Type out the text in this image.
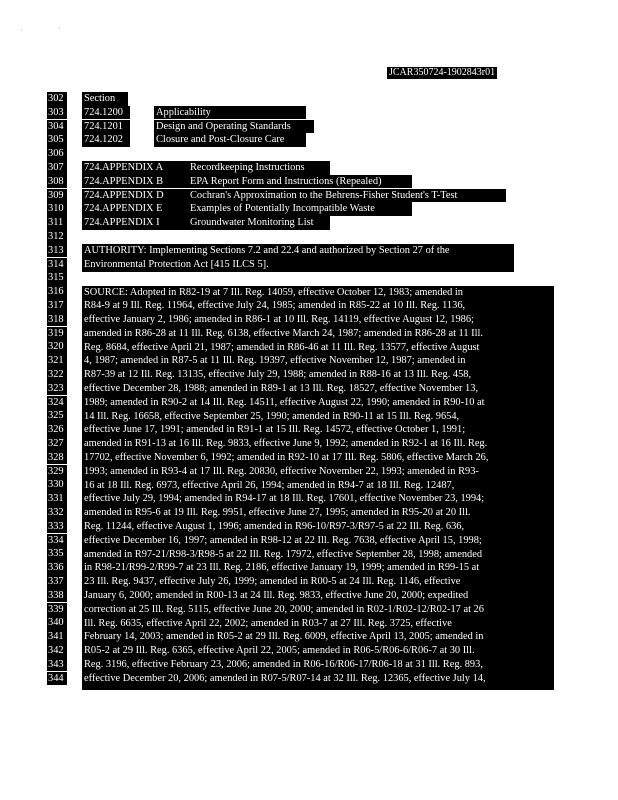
·	·
JCAR350724-1902843r01
302
303
304
305
306
307
308
309
310
311
312
313
314
315
316
317
318
319
320
321
322
323
324
325
326
327
328
329
330
331
332
333
334
335
336
337
338
339
340
341
342
343
344
Section
724.1200	Applicability
724.1201	Design and Operating Standards
724.1202	Closure and Post-Closure Care
724.APPENDIX A	Recordkeeping Instructions
724.APPENDIX B	EPA Report Form and Instructions (Repealed)
724.APPENDIX D	Cochran's Approximation to the Behrens-Fisher Student's T-Test
724.APPENDIX E	Examples of Potentially Incompatible Waste
724.APPENDIX I	Groundwater Monitoring List
AUTHORITY: Implementing Sections 7.2 and 22.4 and authorized by Section 27 of the
Environmental Protection Act [415 ILCS 5].
SOURCE: Adopted in R82-19 at 7 Ill. Reg. 14059, effective October 12, 1983; amended in
R84-9 at 9 Ill. Reg. 11964, effective July 24, 1985; amended in R85-22 at 10 Ill. Reg. 1136,
effective January 2, 1986; amended in R86-1 at 10 Ill. Reg. 14119, effective August 12, 1986;
amended in R86-28 at 11 Ill. Reg. 6138, effective March 24, 1987; amended in R86-28 at 11 Ill.
Reg. 8684, effective April 21, 1987; amended in R86-46 at 11 Ill. Reg. 13577, effective August
4, 1987; amended in R87-5 at 11 Ill. Reg. 19397, effective November 12, 1987; amended in
R87-39 at 12 Ill. Reg. 13135, effective July 29, 1988; amended in R88-16 at 13 Ill. Reg. 458,
effective December 28, 1988; amended in R89-1 at 13 Ill. Reg. 18527, effective November 13,
1989; amended in R90-2 at 14 Ill. Reg. 14511, effective August 22, 1990; amended in R90-10 at
14 Ill. Reg. 16658, effective September 25, 1990; amended in R90-11 at 15 Ill. Reg. 9654,
effective June 17, 1991; amended in R91-1 at 15 Ill. Reg. 14572, effective October 1, 1991;
amended in R91-13 at 16 Ill. Reg. 9833, effective June 9, 1992; amended in R92-1 at 16 Ill. Reg.
17702, effective November 6, 1992; amended in R92-10 at 17 Ill. Reg. 5806, effective March 26,
1993; amended in R93-4 at 17 Ill. Reg. 20830, effective November 22, 1993; amended in R93-
16 at 18 Ill. Reg. 6973, effective April 26, 1994; amended in R94-7 at 18 Ill. Reg. 12487,
effective July 29, 1994; amended in R94-17 at 18 Ill. Reg. 17601, effective November 23, 1994;
amended in R95-6 at 19 Ill. Reg. 9951, effective June 27, 1995; amended in R95-20 at 20 Ill.
Reg. 11244, effective August 1, 1996; amended in R96-10/R97-3/R97-5 at 22 Ill. Reg. 636,
effective December 16, 1997; amended in R98-12 at 22 Ill. Reg. 7638, effective April 15, 1998;
amended in R97-21/R98-3/R98-5 at 22 Ill. Reg. 17972, effective September 28, 1998; amended
in R98-21/R99-2/R99-7 at 23 Ill. Reg. 2186, effective January 19, 1999; amended in R99-15 at
23 Ill. Reg. 9437, effective July 26, 1999; amended in R00-5 at 24 Ill. Reg. 1146, effective
January 6, 2000; amended in R00-13 at 24 Ill. Reg. 9833, effective June 20, 2000; expedited
correction at 25 Ill. Reg. 5115, effective June 20, 2000; amended in R02-1/R02-12/R02-17 at 26
Ill. Reg. 6635, effective April 22, 2002; amended in R03-7 at 27 Ill. Reg. 3725, effective
February 14, 2003; amended in R05-2 at 29 Ill. Reg. 6009, effective April 13, 2005; amended in
R05-2 at 29 Ill. Reg. 6365, effective April 22, 2005; amended in R06-5/R06-6/R06-7 at 30 Ill.
Reg. 3196, effective February 23, 2006; amended in R06-16/R06-17/R06-18 at 31 Ill. Reg. 893,
effective December 20, 2006; amended in R07-5/R07-14 at 32 Ill. Reg. 12365, effective July 14,
